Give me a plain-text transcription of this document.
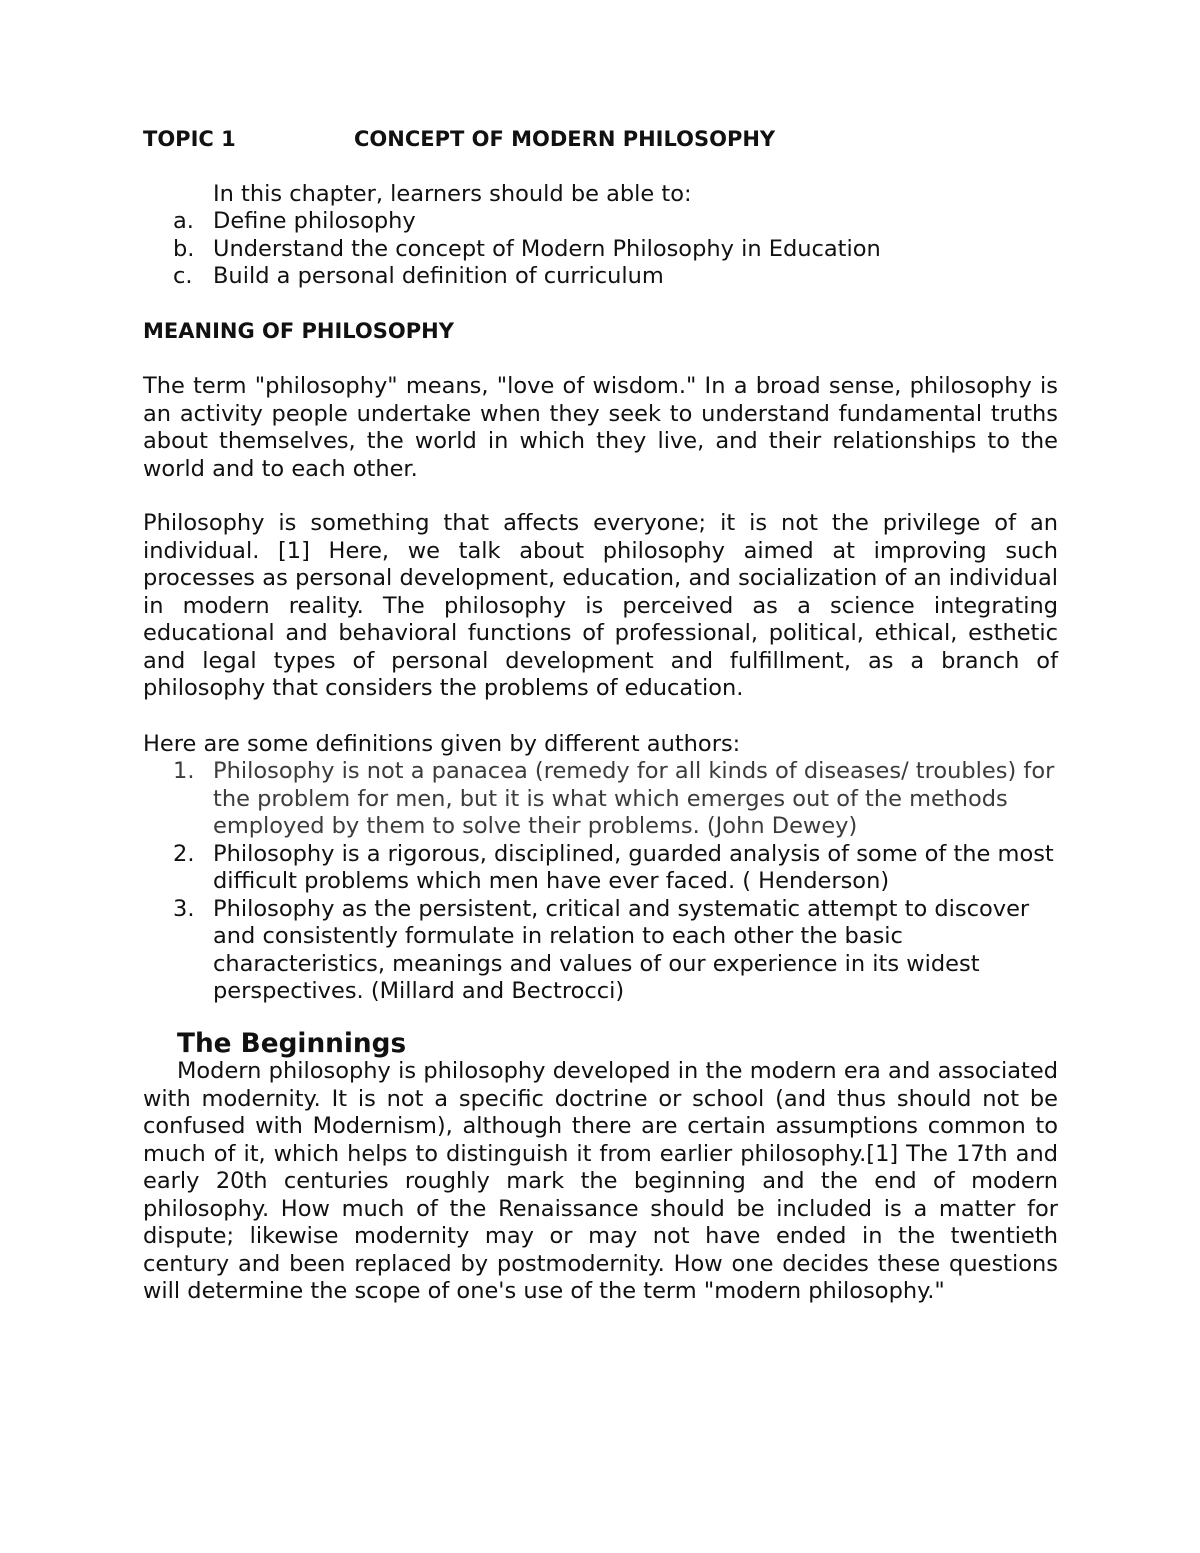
TOPIC 1	CONCEPT OF MODERN PHILOSOPHY

In this chapter, learners should be able to:

a. Define philosophy
b. Understand the concept of Modern Philosophy in Education
c. Build a personal definition of curriculum
MEANING OF PHILOSOPHY

The term "philosophy" means, "love of wisdom." In a broad sense, philosophy is an activity people undertake when they seek to understand fundamental truths about themselves, the world in which they live, and their relationships to the world and to each other.

Philosophy is something that affects everyone; it is not the privilege of an individual. [1] Here, we talk about philosophy aimed at improving such processes as personal development, education, and socialization of an individual in modern reality. The philosophy is perceived as a science integrating educational and behavioral functions of professional, political, ethical, esthetic and legal types of personal development and fulfillment, as a branch of philosophy that considers the problems of education.

Here are some definitions given by different authors:

1. Philosophy is not a panacea (remedy for all kinds of diseases/ troubles) for the problem for men, but it is what which emerges out of the methods employed by them to solve their problems. (John Dewey)
2. Philosophy is a rigorous, disciplined, guarded analysis of some of the most difficult problems which men have ever faced. ( Henderson)
3. Philosophy as the persistent, critical and systematic attempt to discover and consistently formulate in relation to each other the basic characteristics, meanings and values of our experience in its widest perspectives. (Millard and Bectrocci)
The Beginnings

Modern philosophy is philosophy developed in the modern era and associated with modernity. It is not a specific doctrine or school (and thus should not be confused with Modernism), although there are certain assumptions common to much of it, which helps to distinguish it from earlier philosophy.[1] The 17th and early 20th centuries roughly mark the beginning and the end of modern philosophy. How much of the Renaissance should be included is a matter for dispute; likewise modernity may or may not have ended in the twentieth century and been replaced by postmodernity. How one decides these questions will determine the scope of one's use of the term "modern philosophy."
